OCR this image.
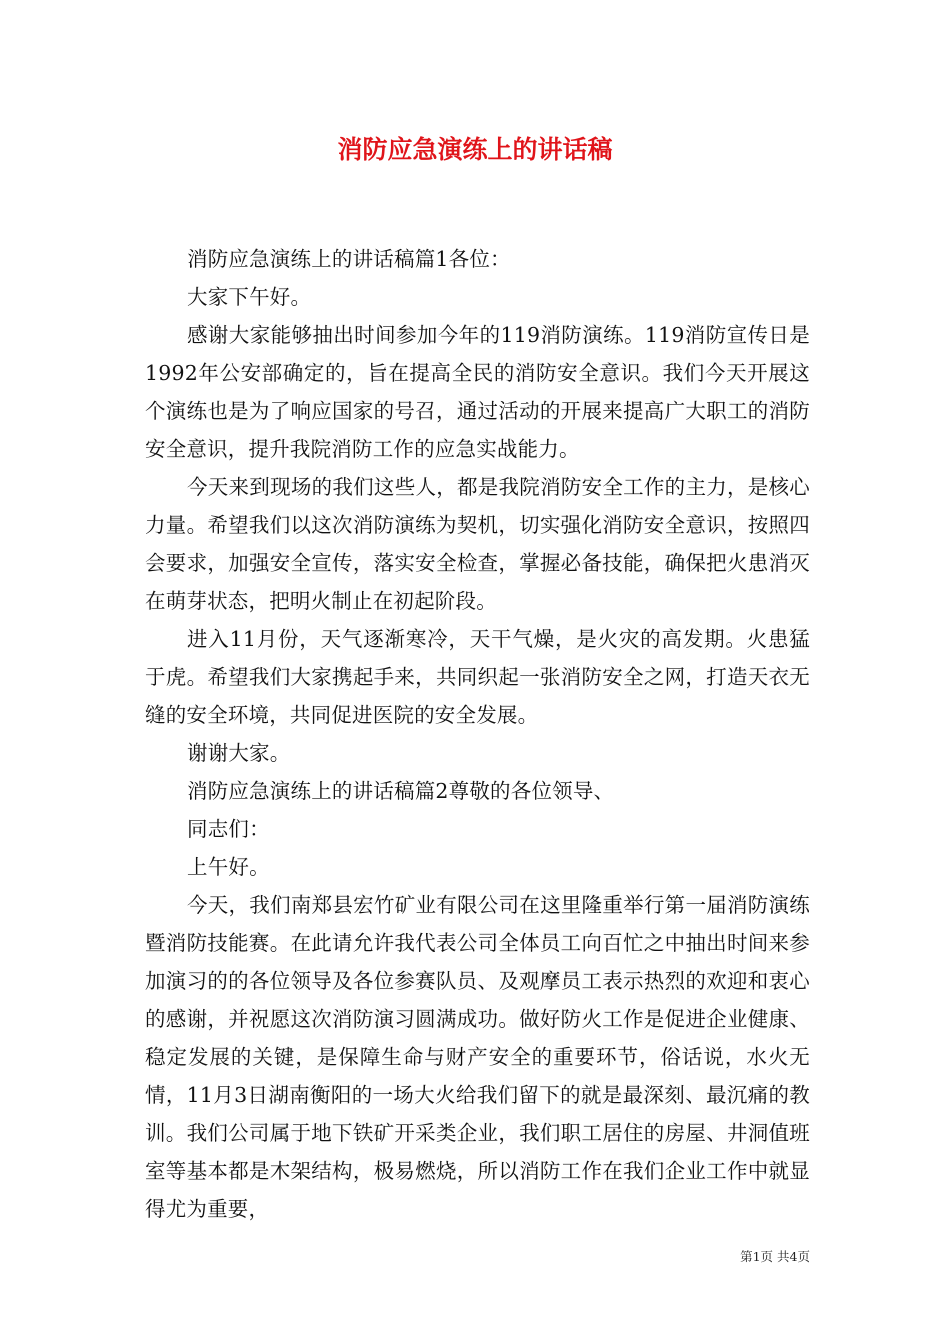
消防应急演练上的讲话稿

消防应急演练上的讲话稿篇1各位：

大家下午好。

感谢大家能够抽出时间参加今年的119消防演练。119消防宣传日是1992年公安部确定的，旨在提高全民的消防安全意识。我们今天开展这个演练也是为了响应国家的号召，通过活动的开展来提高广大职工的消防安全意识，提升我院消防工作的应急实战能力。

今天来到现场的我们这些人，都是我院消防安全工作的主力，是核心力量。希望我们以这次消防演练为契机，切实强化消防安全意识，按照四会要求，加强安全宣传，落实安全检查，掌握必备技能，确保把火患消灭在萌芽状态，把明火制止在初起阶段。

进入11月份，天气逐渐寒冷，天干气燥，是火灾的高发期。火患猛于虎。希望我们大家携起手来，共同织起一张消防安全之网，打造天衣无缝的安全环境，共同促进医院的安全发展。

谢谢大家。

消防应急演练上的讲话稿篇2尊敬的各位领导、

同志们：

上午好。

今天，我们南郑县宏竹矿业有限公司在这里隆重举行第一届消防演练暨消防技能赛。在此请允许我代表公司全体员工向百忙之中抽出时间来参加演习的的各位领导及各位参赛队员、及观摩员工表示热烈的欢迎和衷心的感谢，并祝愿这次消防演习圆满成功。做好防火工作是促进企业健康、稳定发展的关键，是保障生命与财产安全的重要环节，俗话说，水火无情，11月3日湖南衡阳的一场大火给我们留下的就是最深刻、最沉痛的教训。我们公司属于地下铁矿开采类企业，我们职工居住的房屋、井洞值班室等基本都是木架结构，极易燃烧，所以消防工作在我们企业工作中就显得尤为重要，

第1页 共4页
